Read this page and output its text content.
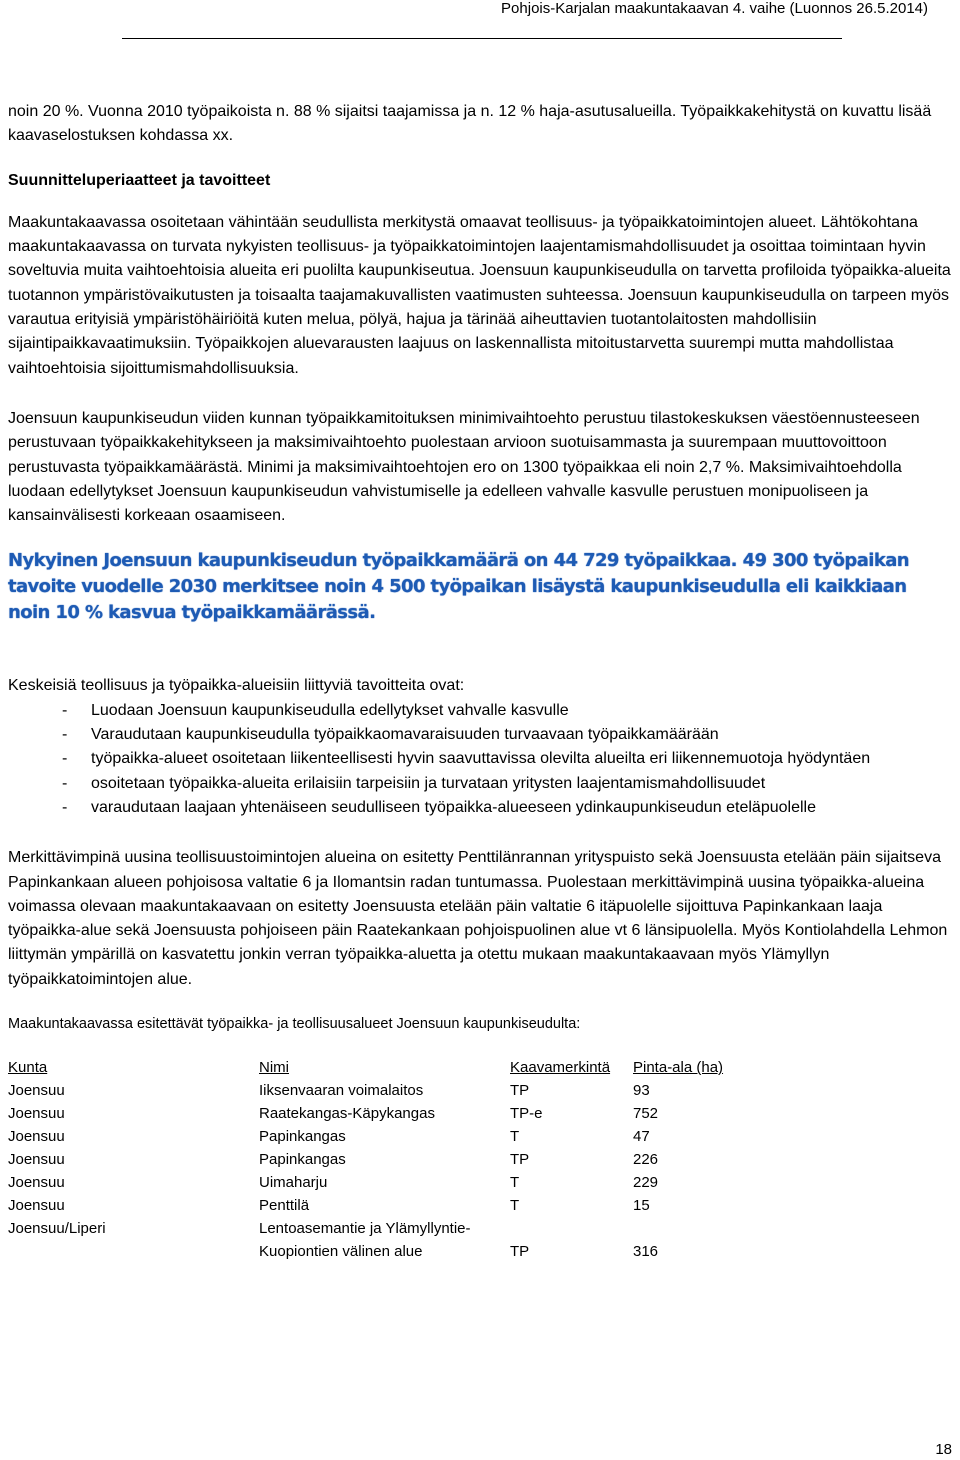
Pohjois-Karjalan maakuntakaavan 4. vaihe (Luonnos 26.5.2014)

noin 20 %. Vuonna 2010 työpaikoista n. 88 % sijaitsi taajamissa ja n. 12 % haja-asutusalueilla. Työpaikkakehitystä on kuvattu lisää kaavaselostuksen kohdassa xx.

Suunnitteluperiaatteet ja tavoitteet

Maakuntakaavassa osoitetaan vähintään seudullista merkitystä omaavat teollisuus- ja työpaikkatoimintojen alueet. Lähtökohtana maakuntakaavassa on turvata nykyisten teollisuus- ja työpaikkatoimintojen laajentamismahdollisuudet ja osoittaa toimintaan hyvin soveltuvia muita vaihtoehtoisia alueita eri puolilta kaupunkiseutua. Joensuun kaupunkiseudulla on tarvetta profiloida työpaikka-alueita tuotannon ympäristövaikutusten ja toisaalta taajamakuvallisten vaatimusten suhteessa. Joensuun kaupunkiseudulla on tarpeen myös varautua erityisiä ympäristöhäiriöitä kuten melua, pölyä, hajua ja tärinää aiheuttavien tuotantolaitosten mahdollisiin sijaintipaikkavaatimuksiin. Työpaikkojen aluevarausten laajuus on laskennallista mitoitustarvetta suurempi mutta mahdollistaa vaihtoehtoisia sijoittumismahdollisuuksia.

Joensuun kaupunkiseudun viiden kunnan työpaikkamitoituksen minimivaihtoehto perustuu tilastokeskuksen väestöennusteeseen perustuvaan työpaikkakehitykseen ja maksimivaihtoehto puolestaan arvioon suotuisammasta ja suurempaan muuttovoittoon perustuvasta työpaikkamäärästä. Minimi ja maksimivaihtoehtojen ero on 1300 työpaikkaa eli noin 2,7 %. Maksimivaihtoehdolla luodaan edellytykset Joensuun kaupunkiseudun vahvistumiselle ja edelleen vahvalle kasvulle perustuen monipuoliseen ja kansainvälisesti korkeaan osaamiseen.

Nykyinen Joensuun kaupunkiseudun työpaikkamäärä on 44 729 työpaikkaa. 49 300 työpaikan tavoite vuodelle 2030 merkitsee noin 4 500 työpaikan lisäystä kaupunkiseudulla eli kaikkiaan noin 10 % kasvua työpaikkamäärässä.

Keskeisiä teollisuus ja työpaikka-alueisiin liittyviä tavoitteita ovat:

- Luodaan Joensuun kaupunkiseudulla edellytykset vahvalle kasvulle
- Varaudutaan kaupunkiseudulla työpaikkaomavaraisuuden turvaavaan työpaikkamäärään
- työpaikka-alueet osoitetaan liikenteellisesti hyvin saavuttavissa olevilta alueilta eri liikennemuotoja hyödyntäen
- osoitetaan työpaikka-alueita erilaisiin tarpeisiin ja turvataan yritysten laajentamismahdollisuudet
- varaudutaan laajaan yhtenäiseen seudulliseen työpaikka-alueeseen ydinkaupunkiseudun eteläpuolelle

Merkittävimpinä uusina teollisuustoimintojen alueina on esitetty Penttilänrannan yrityspuisto sekä Joensuusta etelään päin sijaitseva Papinkankaan alueen pohjoisosa valtatie 6 ja Ilomantsin radan tuntumassa. Puolestaan merkittävimpinä uusina työpaikka-alueina voimassa olevaan maakuntakaavaan on esitetty Joensuusta etelään päin valtatie 6 itäpuolelle sijoittuva Papinkankaan laaja työpaikka-alue sekä Joensuusta pohjoiseen päin Raatekankaan pohjoispuolinen alue vt 6 länsipuolella. Myös Kontiolahdella Lehmon liittymän ympärillä on kasvatettu jonkin verran työpaikka-aluetta ja otettu mukaan maakuntakaavaan myös Ylämyllyn työpaikkatoimintojen alue.

Maakuntakaavassa esitettävät työpaikka- ja teollisuusalueet Joensuun kaupunkiseudulta:

Kunta	Nimi	Kaavamerkintä	Pinta-ala (ha)
Joensuu	Iiksenvaaran voimalaitos	TP	93
Joensuu	Raatekangas-Käpykangas	TP-e	752
Joensuu	Papinkangas	T	47
Joensuu	Papinkangas	TP	226
Joensuu	Uimaharju	T	229
Joensuu	Penttilä	T	15
Joensuu/Liperi	Lentoasemantie ja Ylämyllyntie-Kuopiontien välinen alue	TP	316
18
